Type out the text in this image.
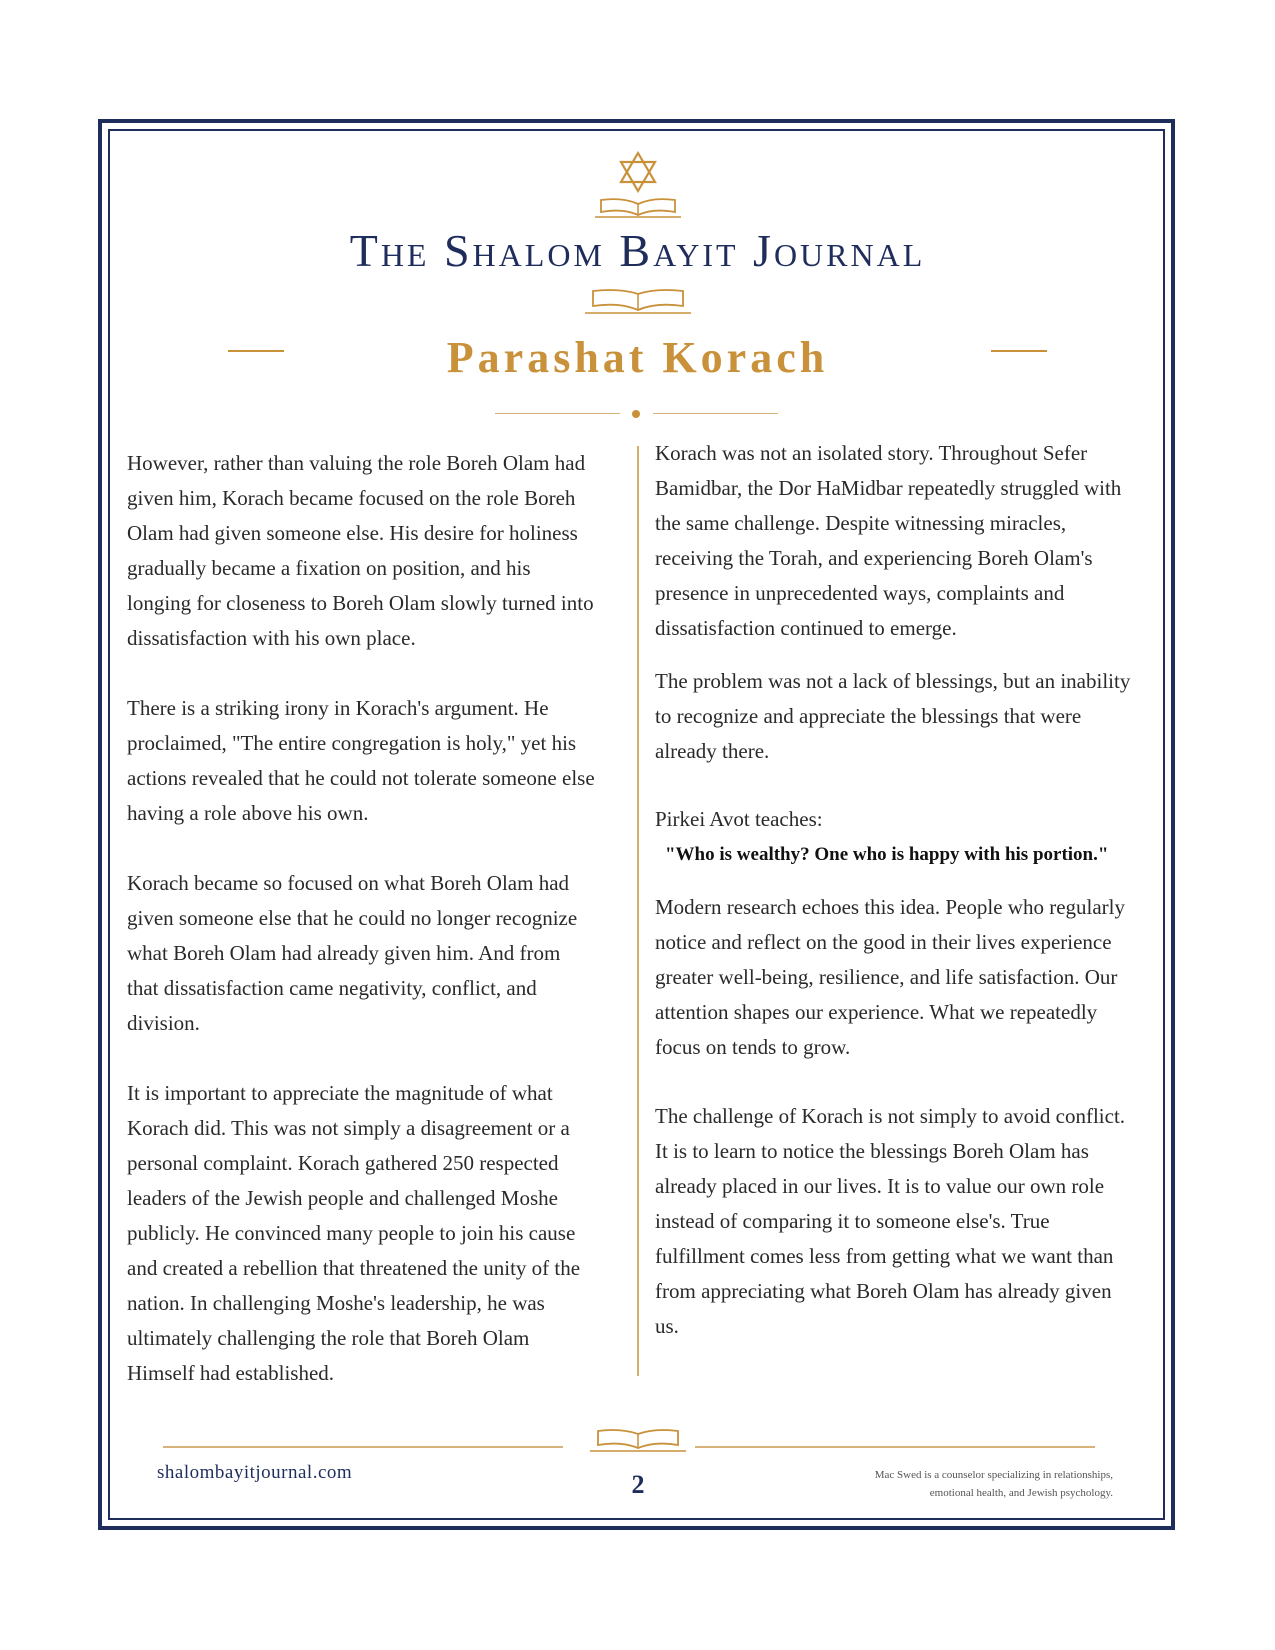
The Shalom Bayit Journal
Parashat Korach

However, rather than valuing the role Boreh Olam had given him, Korach became focused on the role Boreh Olam had given someone else. His desire for holiness gradually became a fixation on position, and his longing for closeness to Boreh Olam slowly turned into dissatisfaction with his own place.

There is a striking irony in Korach's argument. He proclaimed, "The entire congregation is holy," yet his actions revealed that he could not tolerate someone else having a role above his own.

Korach became so focused on what Boreh Olam had given someone else that he could no longer recognize what Boreh Olam had already given him. And from that dissatisfaction came negativity, conflict, and division.

It is important to appreciate the magnitude of what Korach did. This was not simply a disagreement or a personal complaint. Korach gathered 250 respected leaders of the Jewish people and challenged Moshe publicly. He convinced many people to join his cause and created a rebellion that threatened the unity of the nation. In challenging Moshe's leadership, he was ultimately challenging the role that Boreh Olam Himself had established.

Korach was not an isolated story. Throughout Sefer Bamidbar, the Dor HaMidbar repeatedly struggled with the same challenge. Despite witnessing miracles, receiving the Torah, and experiencing Boreh Olam's presence in unprecedented ways, complaints and dissatisfaction continued to emerge.

The problem was not a lack of blessings, but an inability to recognize and appreciate the blessings that were already there.

Pirkei Avot teaches:

"Who is wealthy? One who is happy with his portion."

Modern research echoes this idea. People who regularly notice and reflect on the good in their lives experience greater well-being, resilience, and life satisfaction. Our attention shapes our experience. What we repeatedly focus on tends to grow.

The challenge of Korach is not simply to avoid conflict. It is to learn to notice the blessings Boreh Olam has already placed in our lives. It is to value our own role instead of comparing it to someone else's. True fulfillment comes less from getting what we want than from appreciating what Boreh Olam has already given us.

shalombayitjournal.com	2	Mac Swed is a counselor specializing in relationships,
emotional health, and Jewish psychology.
